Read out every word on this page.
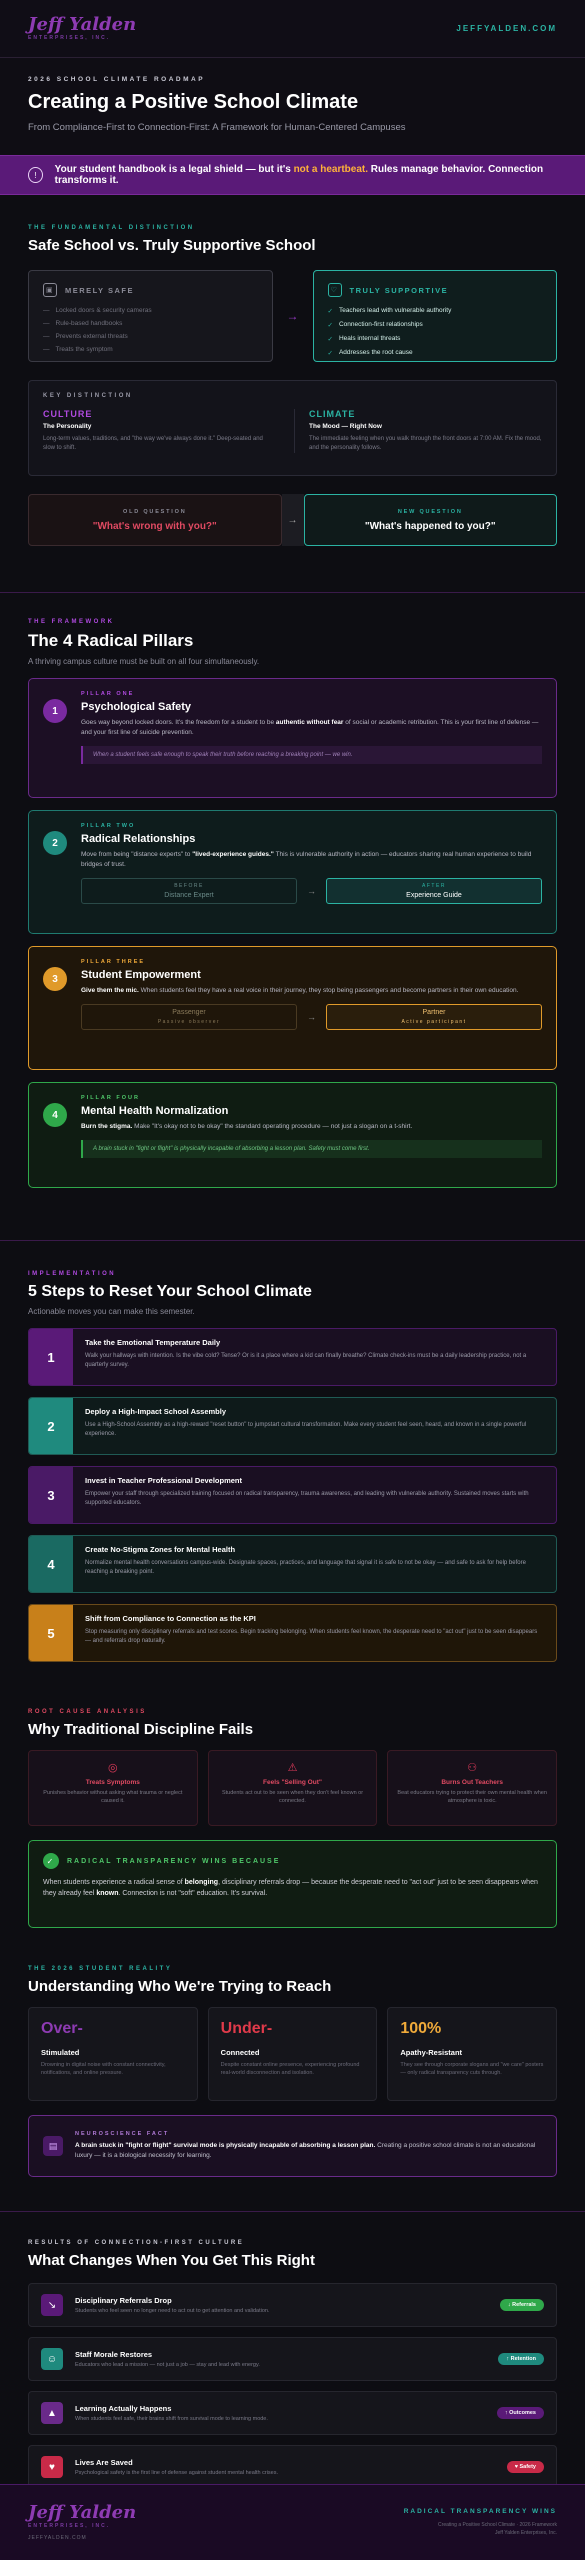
Jeff Yalden
ENTERPRISES, INC.
JEFFYALDEN.COM
2026 SCHOOL CLIMATE ROADMAP
Creating a Positive School Climate

From Compliance-First to Connection-First: A Framework for Human-Centered Campuses

!	Your student handbook is a legal shield — but it's not a heartbeat. Rules manage behavior. Connection transforms it.
THE FUNDAMENTAL DISTINCTION
Safe School vs. Truly Supportive School
▣	MERELY SAFE
— Locked doors & security cameras
— Rule-based handbooks
— Prevents external threats
— Treats the symptom
→
♡	TRULY SUPPORTIVE
✓ Teachers lead with vulnerable authority
✓ Connection-first relationships
✓ Heals internal threats
✓ Addresses the root cause
KEY DISTINCTION
CULTURE
The Personality
Long-term values, traditions, and "the way we've always done it." Deep-seated and slow to shift.
CLIMATE
The Mood — Right Now
The immediate feeling when you walk through the front doors at 7:00 AM. Fix the mood, and the personality follows.
OLD QUESTION
"What's wrong with you?"
→
NEW QUESTION
"What's happened to you?"
THE FRAMEWORK
The 4 Radical Pillars
A thriving campus culture must be built on all four simultaneously.
1
PILLAR ONE
Psychological Safety
Goes way beyond locked doors. It's the freedom for a student to be authentic without fear of social or academic retribution. This is your first line of defense — and your first line of suicide prevention.
When a student feels safe enough to speak their truth before reaching a breaking point — we win.
2
PILLAR TWO
Radical Relationships
Move from being "distance experts" to "lived-experience guides." This is vulnerable authority in action — educators sharing real human experience to build bridges of trust.
BEFORE
Distance Expert	→	AFTER
Experience Guide
3
PILLAR THREE
Student Empowerment
Give them the mic. When students feel they have a real voice in their journey, they stop being passengers and become partners in their own education.
Passenger
Passive observer	→	Partner
Active participant
4
PILLAR FOUR
Mental Health Normalization
Burn the stigma. Make "It's okay not to be okay" the standard operating procedure — not just a slogan on a t-shirt.
A brain stuck in "fight or flight" is physically incapable of absorbing a lesson plan. Safety must come first.
IMPLEMENTATION
5 Steps to Reset Your School Climate
Actionable moves you can make this semester.
1
Take the Emotional Temperature Daily
Walk your hallways with intention. Is the vibe cold? Tense? Or is it a place where a kid can finally breathe? Climate check-ins must be a daily leadership practice, not a quarterly survey.
2
Deploy a High-Impact School Assembly
Use a High-School Assembly as a high-reward "reset button" to jumpstart cultural transformation. Make every student feel seen, heard, and known in a single powerful experience.
3
Invest in Teacher Professional Development
Empower your staff through specialized training focused on radical transparency, trauma awareness, and leading with vulnerable authority. Sustained moves starts with supported educators.
4
Create No-Stigma Zones for Mental Health
Normalize mental health conversations campus-wide. Designate spaces, practices, and language that signal it is safe to not be okay — and safe to ask for help before reaching a breaking point.
5
Shift from Compliance to Connection as the KPI
Stop measuring only disciplinary referrals and test scores. Begin tracking belonging. When students feel known, the desperate need to "act out" just to be seen disappears — and referrals drop naturally.
ROOT CAUSE ANALYSIS
Why Traditional Discipline Fails
◎
Treats Symptoms
Punishes behavior without asking what trauma or neglect caused it.
⚠
Feels "Selling Out"
Students act out to be seen when they don't feel known or connected.
⚇
Burns Out Teachers
Beat educators trying to protect their own mental health when atmosphere is toxic.
✓	RADICAL TRANSPARENCY WINS BECAUSE

When students experience a radical sense of belonging, disciplinary referrals drop — because the desperate need to "act out" just to be seen disappears when they already feel known. Connection is not "soft" education. It's survival.

THE 2026 STUDENT REALITY
Understanding Who We're Trying to Reach
Over-
Stimulated
Drowning in digital noise with constant connectivity, notifications, and online pressure.
Under-
Connected
Despite constant online presence, experiencing profound real-world disconnection and isolation.
100%
Apathy-Resistant
They see through corporate slogans and "we care" posters — only radical transparency cuts through.
▤
NEUROSCIENCE FACT
A brain stuck in "fight or flight" survival mode is physically incapable of absorbing a lesson plan. Creating a positive school climate is not an educational luxury — it is a biological necessity for learning.
RESULTS OF CONNECTION-FIRST CULTURE
What Changes When You Get This Right
↘	Disciplinary Referrals Drop
Students who feel seen no longer need to act out to get attention and validation.
↓ Referrals
☺	Staff Morale Restores
Educators who lead a mission — not just a job — stay and lead with energy.
↑ Retention
▲	Learning Actually Happens
When students feel safe, their brains shift from survival mode to learning mode.
↑ Outcomes
♥	Lives Are Saved
Psychological safety is the first line of defense against student mental health crises.
♥ Safety
Jeff Yalden
ENTERPRISES, INC.
JEFFYALDEN.COM
RADICAL TRANSPARENCY WINS
Creating a Positive School Climate · 2026 Framework
Jeff Yalden Enterprises, Inc.
